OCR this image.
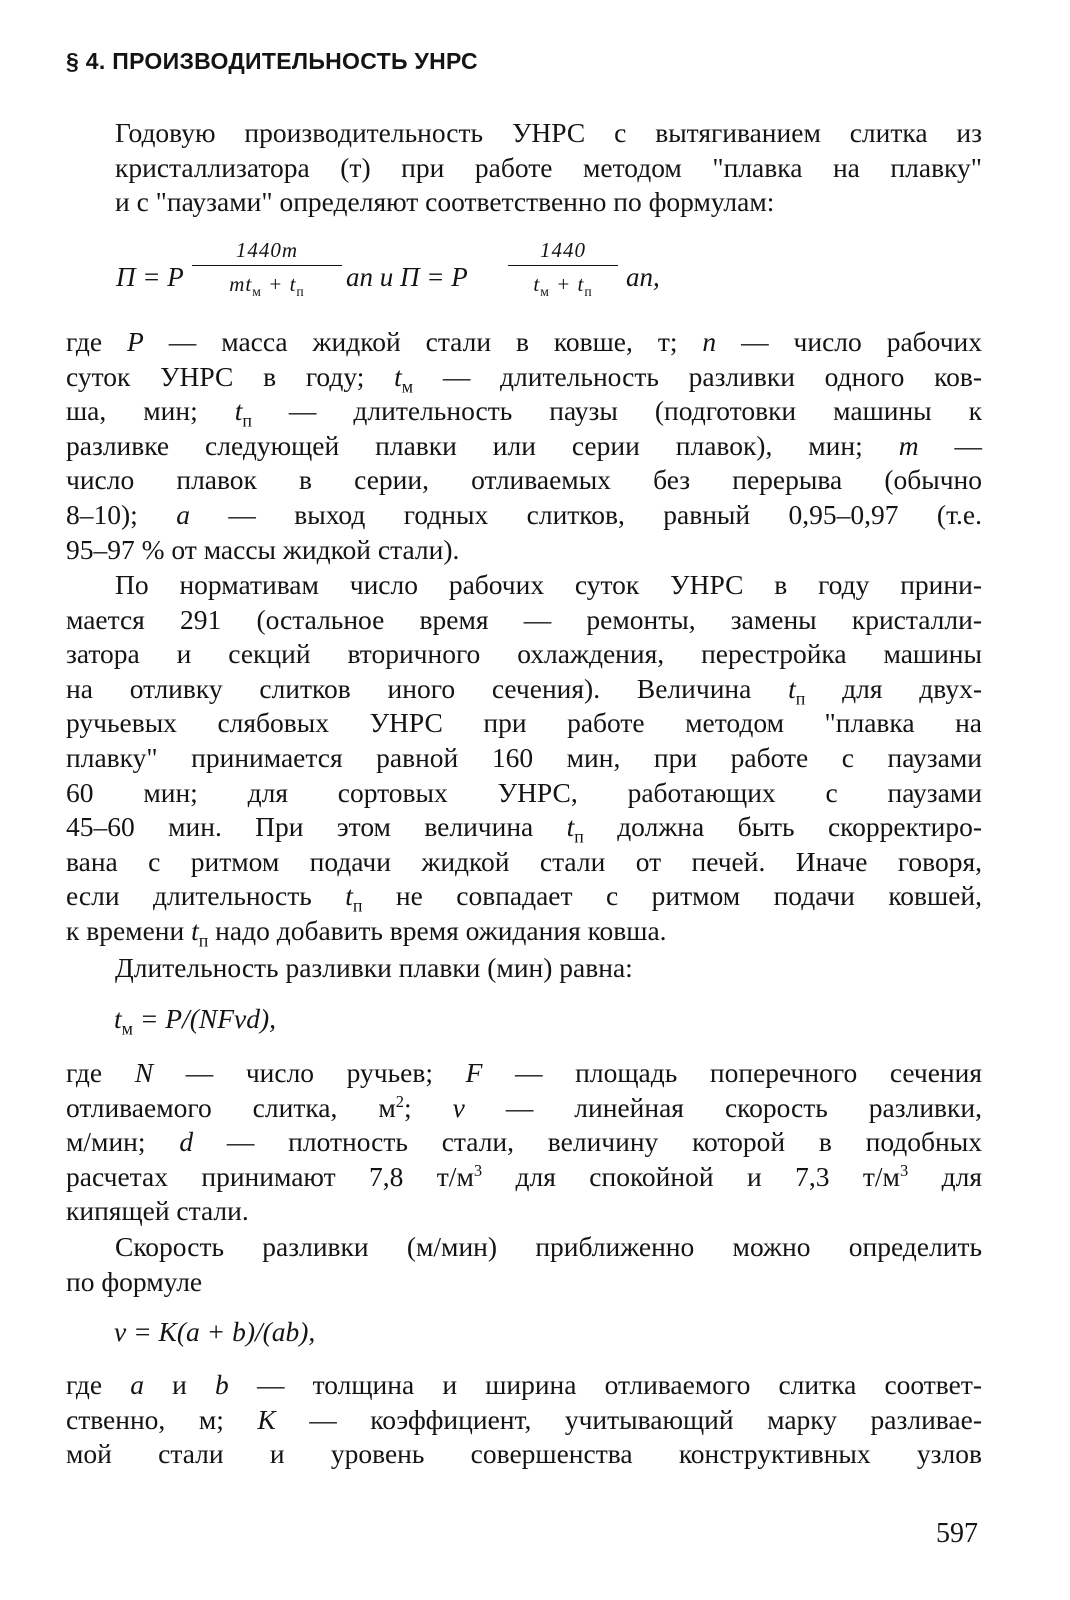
§ 4. ПРОИЗВОДИТЕЛЬНОСТЬ УНРС

Годовую производительность УНРС с вытягиванием слитка из
кристаллизатора (т) при работе методом "плавка на плавку"
и с "паузами" определяют соответственно по формулам:

П = P
1440m
$mt_м + t_п$	an и П = P
1440
$t_м + t_п$	an,

где P — масса жидкой стали в ковше, т; n — число рабочих
суток УНРС в году; $t_м$ — длительность разливки одного ков-
ша, мин; $t_п$ — длительность паузы (подготовки машины к
разливке следующей плавки или серии плавок), мин; m —
число плавок в серии, отливаемых без перерыва (обычно
8–10); a — выход годных слитков, равный 0,95–0,97 (т.е.
95–97 % от массы жидкой стали).

По нормативам число рабочих суток УНРС в году прини-
мается 291 (остальное время — ремонты, замены кристалли-
затора и секций вторичного охлаждения, перестройка машины
на отливку слитков иного сечения). Величина $t_п$ для двух-
ручьевых слябовых УНРС при работе методом "плавка на
плавку" принимается равной 160 мин, при работе с паузами
60 мин; для сортовых УНРС, работающих с паузами
45–60 мин. При этом величина $t_п$ должна быть скорректиро-
вана с ритмом подачи жидкой стали от печей. Иначе говоря,
если длительность $t_п$ не совпадает с ритмом подачи ковшей,
к времени $t_п$ надо добавить время ожидания ковша.

Длительность разливки плавки (мин) равна:

$t_м$ = P/(NFvd),

где N — число ручьев; F — площадь поперечного сечения
отливаемого слитка, $м^2$; v — линейная скорость разливки,
м/мин; d — плотность стали, величину которой в подобных
расчетах принимают 7,8 $т/м^3$ для спокойной и 7,3 $т/м^3$ для
кипящей стали.

Скорость разливки (м/мин) приближенно можно определить
по формуле

v = K(a + b)/(ab),

где a и b — толщина и ширина отливаемого слитка соответ-
ственно, м; K — коэффициент, учитывающий марку разливае-
мой стали и уровень совершенства конструктивных узлов

597
